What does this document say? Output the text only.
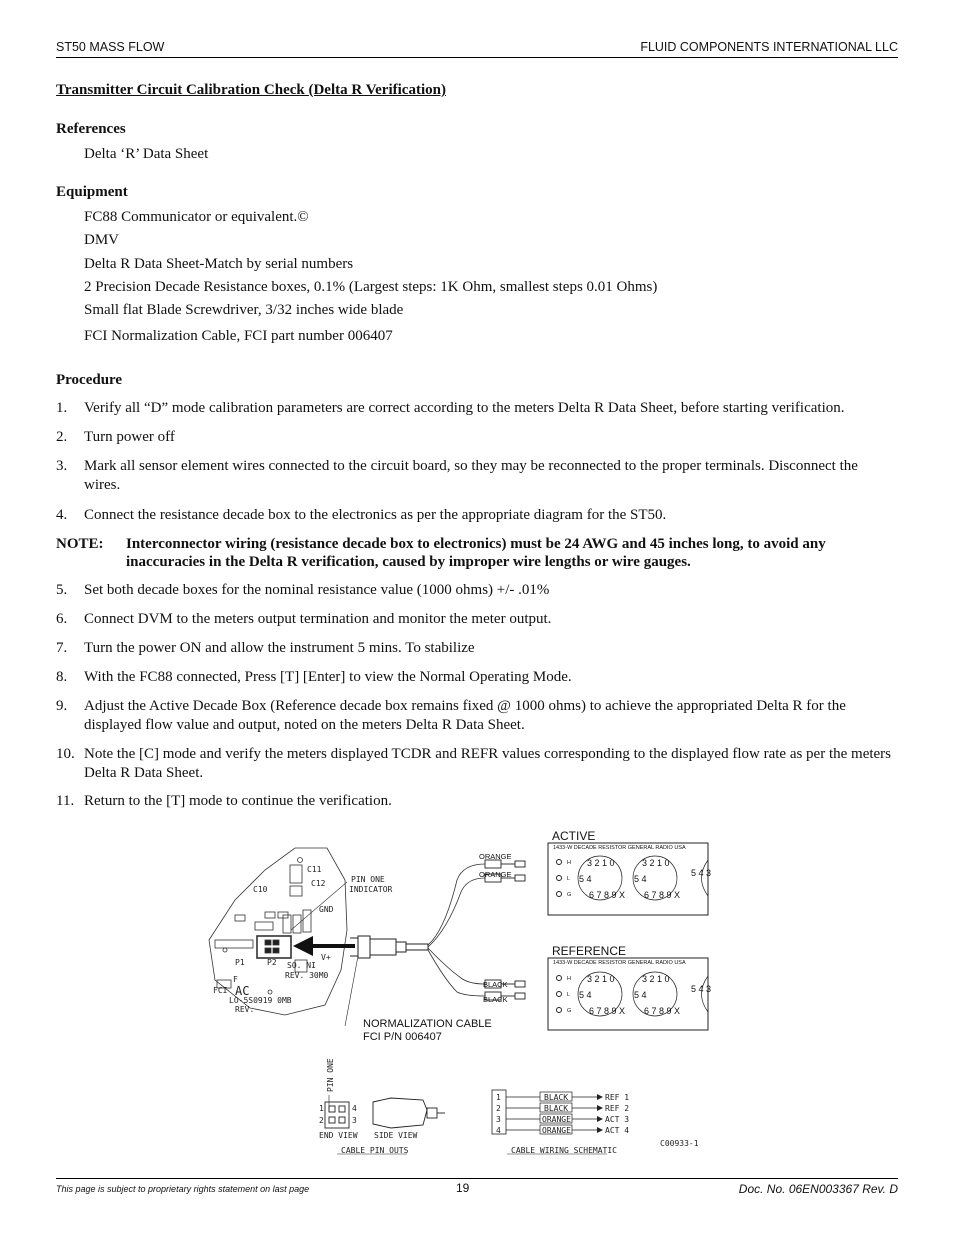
ST50 MASS FLOW	FLUID COMPONENTS INTERNATIONAL LLC
Transmitter Circuit Calibration Check (Delta R Verification)
References
Delta ‘R’ Data Sheet
Equipment
FC88 Communicator or equivalent.©
DMV
Delta R Data Sheet-Match by serial numbers
2 Precision Decade Resistance boxes, 0.1% (Largest steps: 1K Ohm, smallest steps 0.01 Ohms)
Small flat Blade Screwdriver, 3/32 inches wide blade
FCI Normalization Cable, FCI part number 006407
Procedure
1. Verify all “D” mode calibration parameters are correct according to the meters Delta R Data Sheet, before starting verification.
2. Turn power off
3. Mark all sensor element wires connected to the circuit board, so they may be reconnected to the proper terminals. Disconnect the wires.
4. Connect the resistance decade box to the electronics as per the appropriate diagram for the ST50.
NOTE: Interconnector wiring (resistance decade box to electronics) must be 24 AWG and 45 inches long, to avoid any inaccuracies in the Delta R verification, caused by improper wire lengths or wire gauges.
5. Set both decade boxes for the nominal resistance value (1000 ohms) +/- .01%
6. Connect DVM to the meters output termination and monitor the meter output.
7. Turn the power ON and allow the instrument 5 mins. To stabilize
8. With the FC88 connected, Press [T] [Enter] to view the Normal Operating Mode.
9. Adjust the Active Decade Box (Reference decade box remains fixed @ 1000 ohms) to achieve the appropriated Delta R for the displayed flow value and output, noted on the meters Delta R Data Sheet.
10. Note the [C] mode and verify the meters displayed TCDR and REFR values corresponding to the displayed flow rate as per the meters Delta R Data Sheet.
11. Return to the [T] mode to continue the verification.
C11
C12
C10
GND
V+
P1	P2
F	REV. 30M0
SO. NI
FCI AC
LO-5S0919 0MB
REV.
PIN ONE
INDICATOR
ORANGE
ORANGE
BLACK
BLACK
ACTIVE
1433-W DECADE RESISTOR GENERAL RADIO USA
H
L
G
3 2 1 0
5 4
6 7 8 9 X
3 2 1 0
5 4
6 7 8 9 X
5 4 3
REFERENCE
1433-W DECADE RESISTOR GENERAL RADIO USA
H
L
G
3 2 1 0
5 4
6 7 8 9 X
3 2 1 0
5 4
6 7 8 9 X
5 4 3
NORMALIZATION CABLE
FCI P/N 006407
PIN ONE
1
2
4
3
END VIEW SIDE VIEW
CABLE PIN OUTS
1	BLACK	REF 1
2	BLACK	REF 2
3	ORANGE	ACT 3
4	ORANGE	ACT 4
CABLE WIRING SCHEMATIC
C00933-1
This page is subject to proprietary rights statement on last page	19	Doc. No. 06EN003367 Rev. D
